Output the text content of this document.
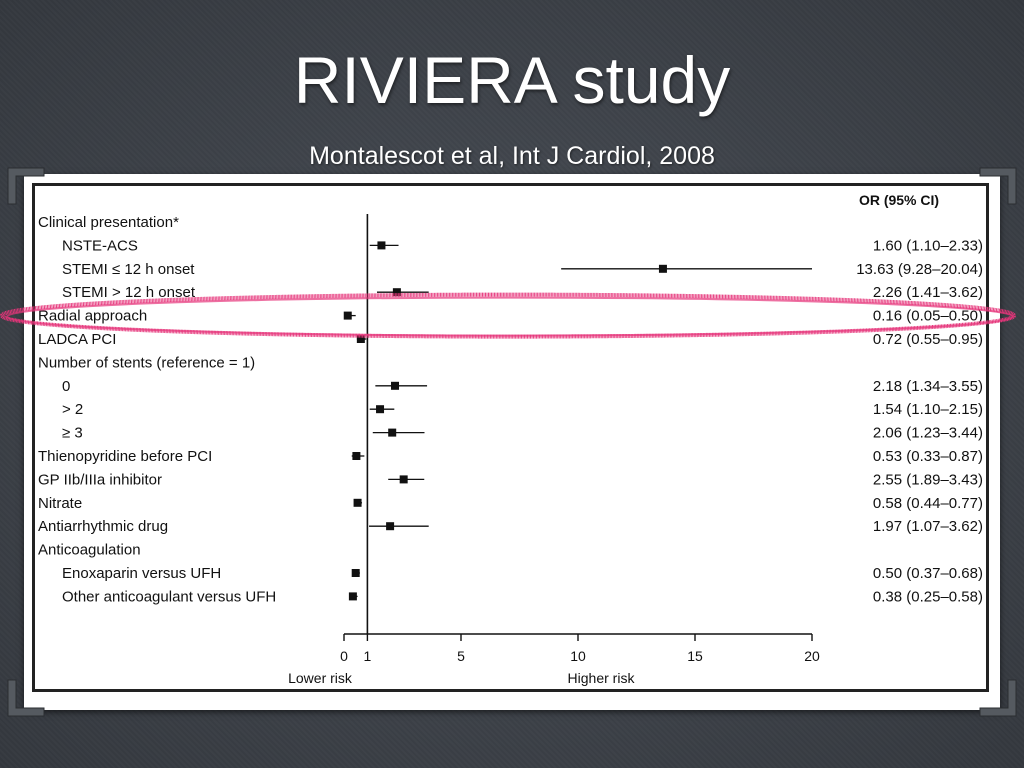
RIVIERA study
Montalescot et al, Int J Cardiol, 2008
OR (95% CI)
Clinical presentation*
NSTE-ACS	1.60 (1.10–2.33)
STEMI ≤ 12 h onset	13.63 (9.28–20.04)
STEMI > 12 h onset	2.26 (1.41–3.62)
Radial approach	0.16 (0.05–0.50)
LADCA PCI	0.72 (0.55–0.95)
Number of stents (reference = 1)
0	2.18 (1.34–3.55)
> 2	1.54 (1.10–2.15)
≥ 3	2.06 (1.23–3.44)
Thienopyridine before PCI	0.53 (0.33–0.87)
GP IIb/IIIa inhibitor	2.55 (1.89–3.43)
Nitrate	0.58 (0.44–0.77)
Antiarrhythmic drug	1.97 (1.07–3.62)
Anticoagulation
Enoxaparin versus UFH	0.50 (0.37–0.68)
Other anticoagulant versus UFH	0.38 (0.25–0.58)
0 1	5	10	15	20
Lower risk	Higher risk
